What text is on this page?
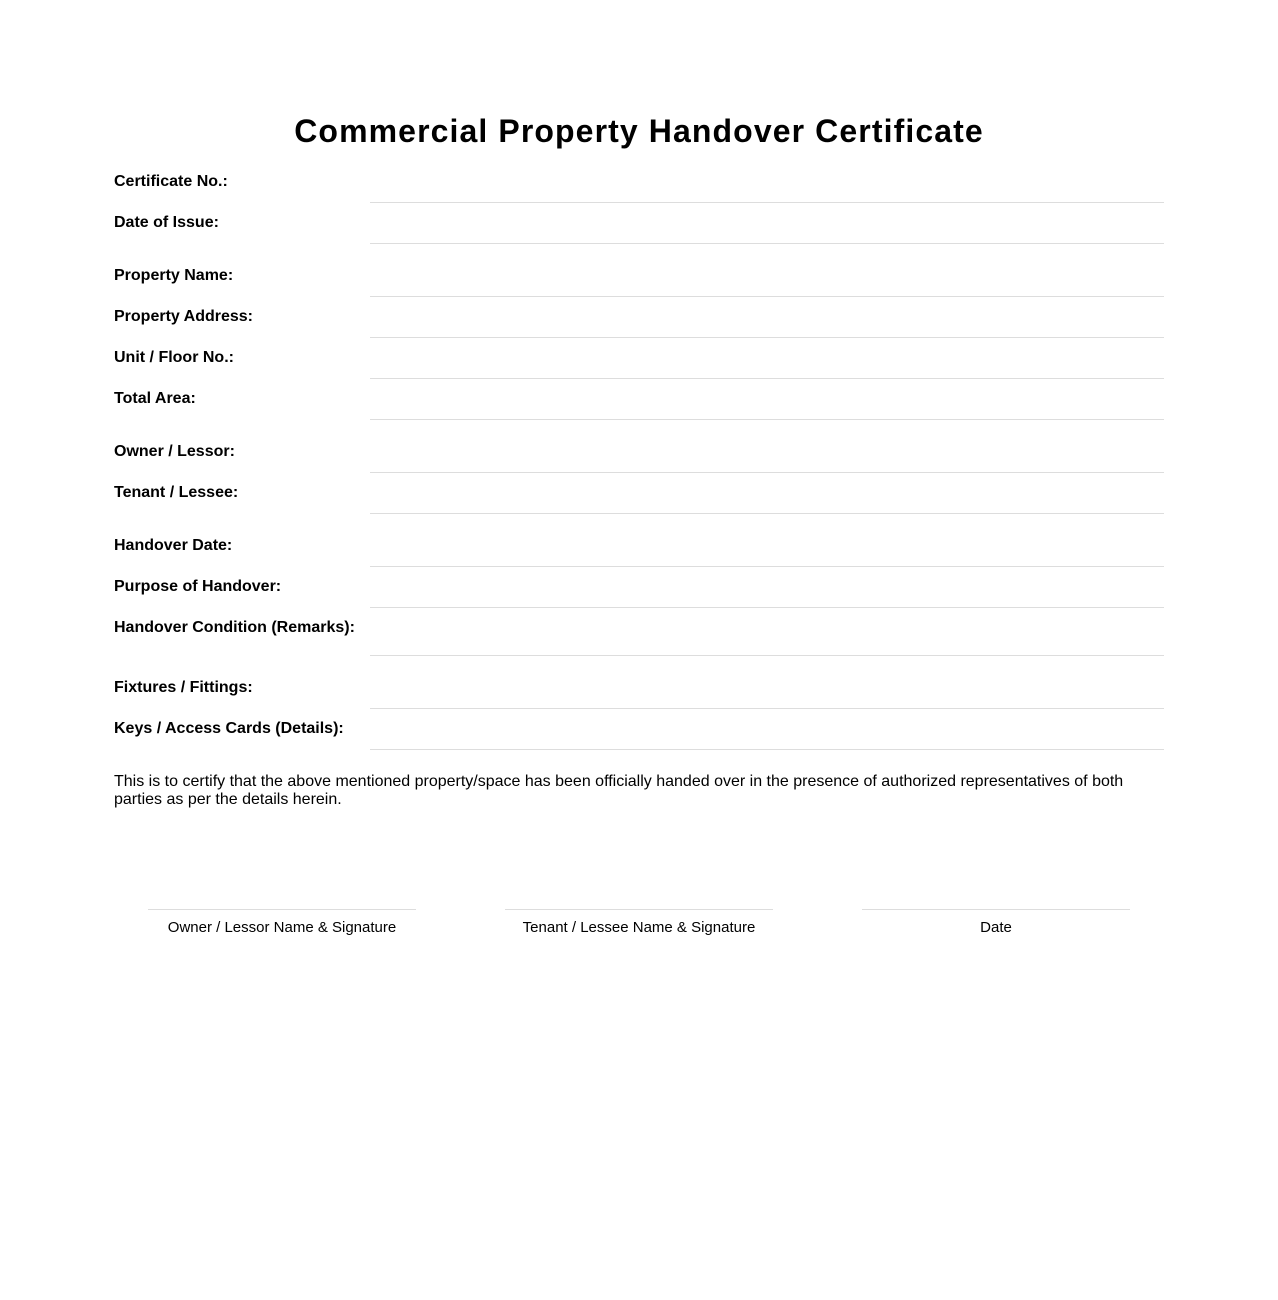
Commercial Property Handover Certificate
Certificate No.:
Date of Issue:
Property Name:
Property Address:
Unit / Floor No.:
Total Area:
Owner / Lessor:
Tenant / Lessee:
Handover Date:
Purpose of Handover:
Handover Condition (Remarks):
Fixtures / Fittings:
Keys / Access Cards (Details):

This is to certify that the above mentioned property/space has been officially handed over in the presence of authorized representatives of both parties as per the details herein.

Owner / Lessor Name & Signature	Tenant / Lessee Name & Signature	Date
